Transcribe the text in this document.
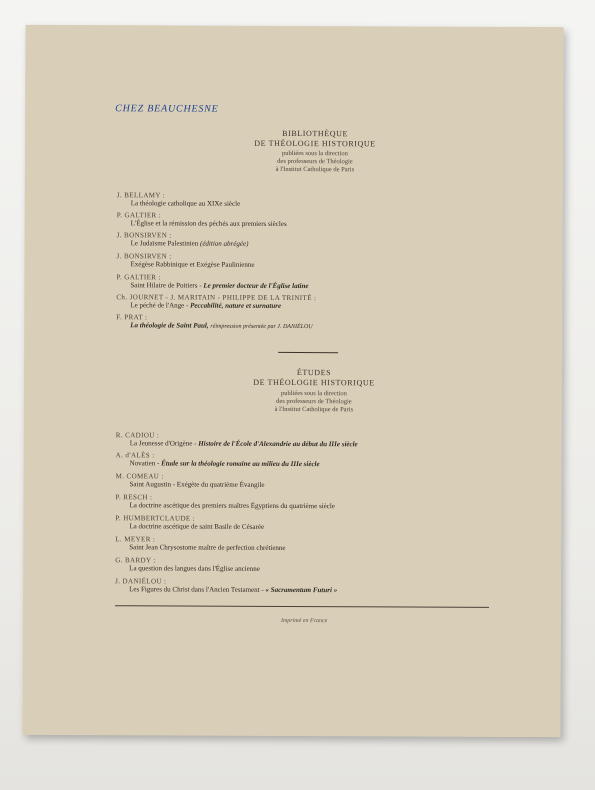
CHEZ BEAUCHESNE
BIBLIOTHÈQUE
DE THÉOLOGIE HISTORIQUE
publiées sous la direction
des professeurs de Théologie
à l'Institut Catholique de Paris
J. BELLAMY :
La théologie catholique au XIXe siècle
P. GALTIER :
L'Église et la rémission des péchés aux premiers siècles
J. BONSIRVEN :
Le Judaïsme Palestinien (édition abrégée)
J. BONSIRVEN :
Exégèse Rabbinique et Exégèse Paulinienne
P. GALTIER :
Saint Hilaire de Poitiers - Le premier docteur de l'Église latine
Ch. JOURNET - J. MARITAIN - PHILIPPE DE LA TRINITÉ :
Le péché de l'Ange - Peccabilité, nature et surnature
F. PRAT :
La théologie de Saint Paul, réimpression présentée par J. DANIÉLOU
ÉTUDES
DE THÉOLOGIE HISTORIQUE
publiées sous la direction
des professeurs de Théologie
à l'Institut Catholique de Paris
R. CADIOU :
La Jeunesse d'Origène - Histoire de l'École d'Alexandrie au début du IIIe siècle
A. d'ALÈS :
Novatien - Étude sur la théologie romaine au milieu du IIIe siècle
M. COMEAU :
Saint Augustin - Exégète du quatrième Évangile
P. RESCH :
La doctrine ascétique des premiers maîtres Égyptiens du quatrième siècle
P. HUMBERTCLAUDE :
La doctrine ascétique de saint Basile de Césarée
L. MEYER :
Saint Jean Chrysostome maître de perfection chrétienne
G. BARDY :
La question des langues dans l'Église ancienne
J. DANIÉLOU :
Les Figures du Christ dans l'Ancien Testament - « Sacramentum Futuri »
Imprimé en France
